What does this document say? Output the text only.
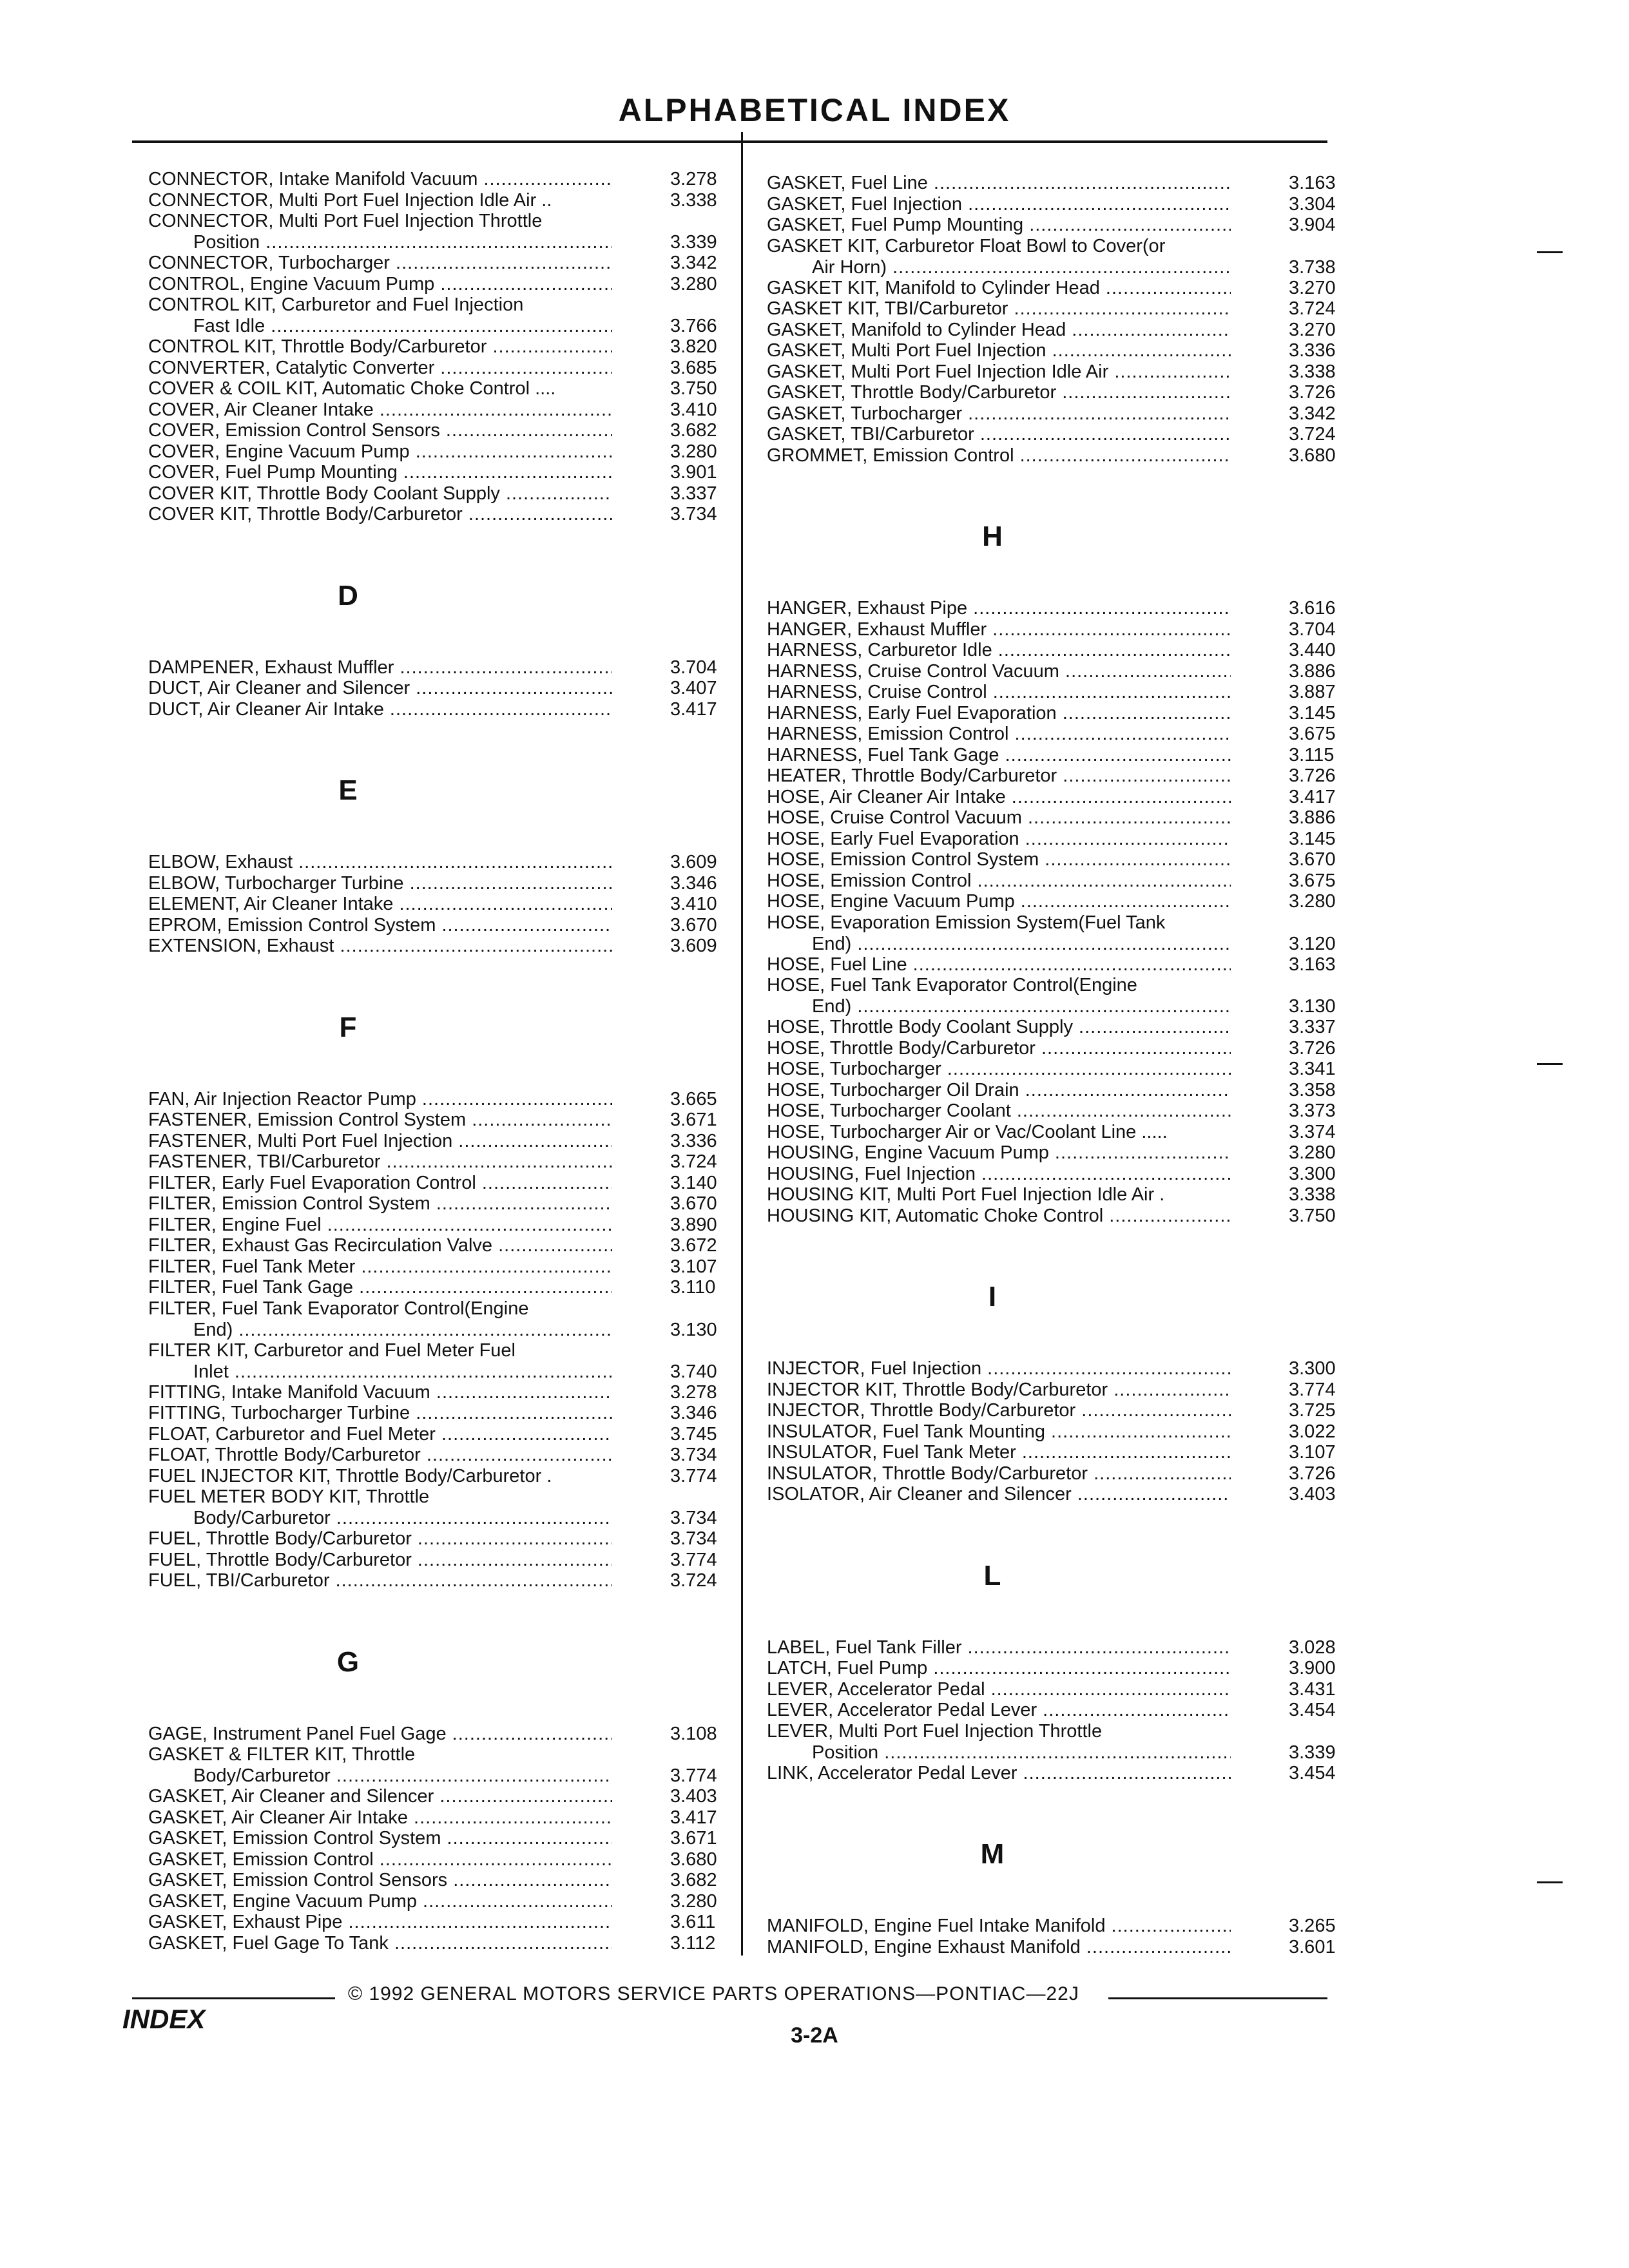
ALPHABETICAL INDEX
CONNECTOR, Intake Manifold Vacuum .....	3.278
CONNECTOR, Multi Port Fuel Injection Idle Air ..	3.338
CONNECTOR, Multi Port Fuel Injection Throttle
Position .....	3.339
CONNECTOR, Turbocharger .....	3.342
CONTROL, Engine Vacuum Pump .....	3.280
CONTROL KIT, Carburetor and Fuel Injection
Fast Idle .....	3.766
CONTROL KIT, Throttle Body/Carburetor .....	3.820
CONVERTER, Catalytic Converter .....	3.685
COVER & COIL KIT, Automatic Choke Control ....	3.750
COVER, Air Cleaner Intake .....	3.410
COVER, Emission Control Sensors .....	3.682
COVER, Engine Vacuum Pump .....	3.280
COVER, Fuel Pump Mounting .....	3.901
COVER KIT, Throttle Body Coolant Supply .....	3.337
COVER KIT, Throttle Body/Carburetor .....	3.734
D
DAMPENER, Exhaust Muffler .....	3.704
DUCT, Air Cleaner and Silencer .....	3.407
DUCT, Air Cleaner Air Intake .....	3.417
E
ELBOW, Exhaust .....	3.609
ELBOW, Turbocharger Turbine .....	3.346
ELEMENT, Air Cleaner Intake .....	3.410
EPROM, Emission Control System .....	3.670
EXTENSION, Exhaust .....	3.609
F
FAN, Air Injection Reactor Pump .....	3.665
FASTENER, Emission Control System .....	3.671
FASTENER, Multi Port Fuel Injection .....	3.336
FASTENER, TBI/Carburetor .....	3.724
FILTER, Early Fuel Evaporation Control .....	3.140
FILTER, Emission Control System .....	3.670
FILTER, Engine Fuel .....	3.890
FILTER, Exhaust Gas Recirculation Valve .....	3.672
FILTER, Fuel Tank Meter .....	3.107
FILTER, Fuel Tank Gage .....	3.110
FILTER, Fuel Tank Evaporator Control(Engine
End) .....	3.130
FILTER KIT, Carburetor and Fuel Meter Fuel
Inlet .....	3.740
FITTING, Intake Manifold Vacuum .....	3.278
FITTING, Turbocharger Turbine .....	3.346
FLOAT, Carburetor and Fuel Meter .....	3.745
FLOAT, Throttle Body/Carburetor .....	3.734
FUEL INJECTOR KIT, Throttle Body/Carburetor .	3.774
FUEL METER BODY KIT, Throttle
Body/Carburetor .....	3.734
FUEL, Throttle Body/Carburetor .....	3.734
FUEL, Throttle Body/Carburetor .....	3.774
FUEL, TBI/Carburetor .....	3.724
G
GAGE, Instrument Panel Fuel Gage .....	3.108
GASKET & FILTER KIT, Throttle
Body/Carburetor .....	3.774
GASKET, Air Cleaner and Silencer .....	3.403
GASKET, Air Cleaner Air Intake .....	3.417
GASKET, Emission Control System .....	3.671
GASKET, Emission Control .....	3.680
GASKET, Emission Control Sensors .....	3.682
GASKET, Engine Vacuum Pump .....	3.280
GASKET, Exhaust Pipe .....	3.611
GASKET, Fuel Gage To Tank .....	3.112
GASKET, Fuel Line .....	3.163
GASKET, Fuel Injection .....	3.304
GASKET, Fuel Pump Mounting .....	3.904
GASKET KIT, Carburetor Float Bowl to Cover(or
Air Horn) .....	3.738
GASKET KIT, Manifold to Cylinder Head .....	3.270
GASKET KIT, TBI/Carburetor .....	3.724
GASKET, Manifold to Cylinder Head .....	3.270
GASKET, Multi Port Fuel Injection .....	3.336
GASKET, Multi Port Fuel Injection Idle Air .....	3.338
GASKET, Throttle Body/Carburetor .....	3.726
GASKET, Turbocharger .....	3.342
GASKET, TBI/Carburetor .....	3.724
GROMMET, Emission Control .....	3.680
H
HANGER, Exhaust Pipe .....	3.616
HANGER, Exhaust Muffler .....	3.704
HARNESS, Carburetor Idle .....	3.440
HARNESS, Cruise Control Vacuum .....	3.886
HARNESS, Cruise Control .....	3.887
HARNESS, Early Fuel Evaporation .....	3.145
HARNESS, Emission Control .....	3.675
HARNESS, Fuel Tank Gage .....	3.115
HEATER, Throttle Body/Carburetor .....	3.726
HOSE, Air Cleaner Air Intake .....	3.417
HOSE, Cruise Control Vacuum .....	3.886
HOSE, Early Fuel Evaporation .....	3.145
HOSE, Emission Control System .....	3.670
HOSE, Emission Control .....	3.675
HOSE, Engine Vacuum Pump .....	3.280
HOSE, Evaporation Emission System(Fuel Tank
End) .....	3.120
HOSE, Fuel Line .....	3.163
HOSE, Fuel Tank Evaporator Control(Engine
End) .....	3.130
HOSE, Throttle Body Coolant Supply .....	3.337
HOSE, Throttle Body/Carburetor .....	3.726
HOSE, Turbocharger .....	3.341
HOSE, Turbocharger Oil Drain .....	3.358
HOSE, Turbocharger Coolant .....	3.373
HOSE, Turbocharger Air or Vac/Coolant Line .....	3.374
HOUSING, Engine Vacuum Pump .....	3.280
HOUSING, Fuel Injection .....	3.300
HOUSING KIT, Multi Port Fuel Injection Idle Air .	3.338
HOUSING KIT, Automatic Choke Control .....	3.750
I
INJECTOR, Fuel Injection .....	3.300
INJECTOR KIT, Throttle Body/Carburetor .....	3.774
INJECTOR, Throttle Body/Carburetor .....	3.725
INSULATOR, Fuel Tank Mounting .....	3.022
INSULATOR, Fuel Tank Meter .....	3.107
INSULATOR, Throttle Body/Carburetor .....	3.726
ISOLATOR, Air Cleaner and Silencer .....	3.403
L
LABEL, Fuel Tank Filler .....	3.028
LATCH, Fuel Pump .....	3.900
LEVER, Accelerator Pedal .....	3.431
LEVER, Accelerator Pedal Lever .....	3.454
LEVER, Multi Port Fuel Injection Throttle
Position .....	3.339
LINK, Accelerator Pedal Lever .....	3.454
M
MANIFOLD, Engine Fuel Intake Manifold .....	3.265
MANIFOLD, Engine Exhaust Manifold .....	3.601
© 1992 GENERAL MOTORS SERVICE PARTS OPERATIONS—PONTIAC—22J
INDEX
3-2A
